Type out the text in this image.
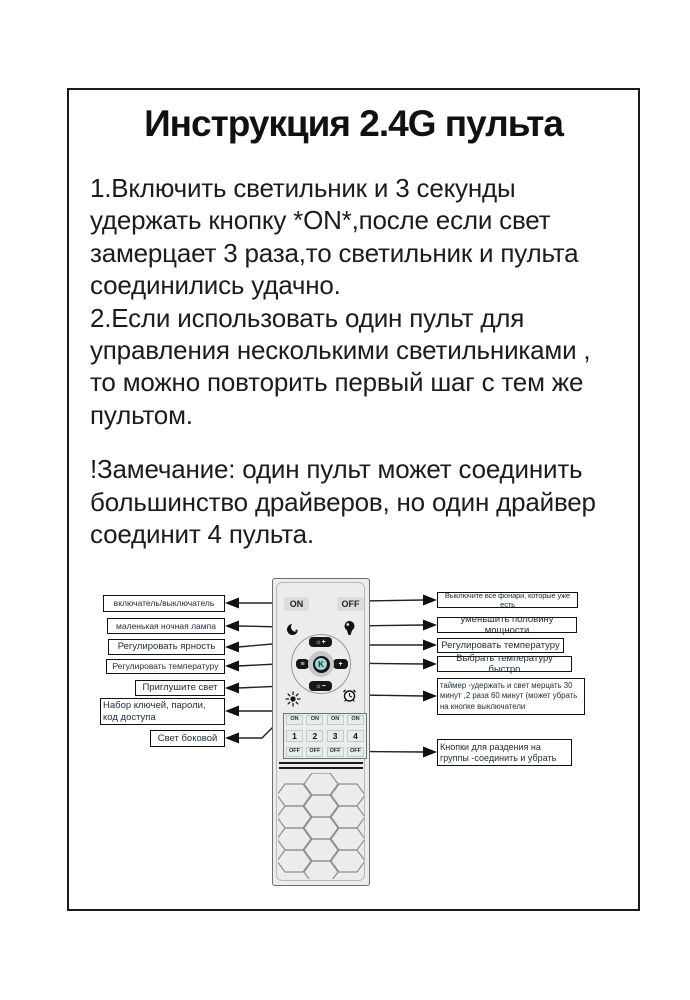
Инструкция 2.4G пульта
1.Включить светильник и 3 секунды
удержать кнопку *ON*,после если свет
замерцает 3 раза,то светильник и пульта
соединились удачно.
2.Если использовать один пульт для
управления несколькими светильниками ,
то можно повторить первый шаг с тем же
пультом.
!Замечание: один пульт может соединить
большинство драйверов, но один драйвер
соединит 4 пульта.
ON	OFF
☼+
☼−
≡	+
K
ON
1
OFF
ON
2
OFF
ON
3
OFF
ON
4
OFF
включатель/выключатель
маленькая ночная лампа
Регулировать ярность
Регулировать температуру
Приглушите свет
Набор ключей, пароли, код доступа
Свет боковой
Выключите все фонари, которые уже есть
уменьшить половину мощности
Регулировать температуру
Выбрать температуру быстро
таймер -удержать и свет мерцать 30 минут ,2 раза 60 минут (может убрать на кнопке выключатели
Кнопки для раздения на группы -соединить и убрать
